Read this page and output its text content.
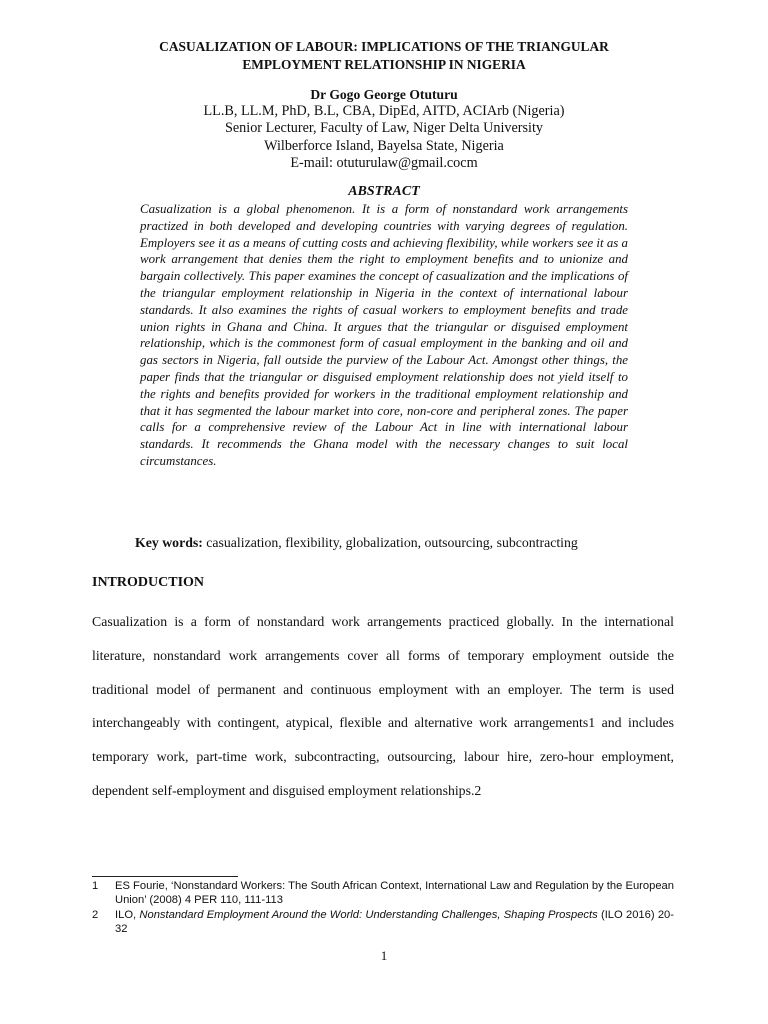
CASUALIZATION OF LABOUR: IMPLICATIONS OF THE TRIANGULAR
EMPLOYMENT RELATIONSHIP IN NIGERIA
Dr Gogo George Otuturu
LL.B, LL.M, PhD, B.L, CBA, DipEd, AITD, ACIArb (Nigeria)
Senior Lecturer, Faculty of Law, Niger Delta University
Wilberforce Island, Bayelsa State, Nigeria
E-mail: otuturulaw@gmail.cocm
ABSTRACT

Casualization is a global phenomenon. It is a form of nonstandard work arrangements practized in both developed and developing countries with varying degrees of regulation. Employers see it as a means of cutting costs and achieving flexibility, while workers see it as a work arrangement that denies them the right to employment benefits and to unionize and bargain collectively. This paper examines the concept of casualization and the implications of the triangular employment relationship in Nigeria in the context of international labour standards. It also examines the rights of casual workers to employment benefits and trade union rights in Ghana and China. It argues that the triangular or disguised employment relationship, which is the commonest form of casual employment in the banking and oil and gas sectors in Nigeria, fall outside the purview of the Labour Act. Amongst other things, the paper finds that the triangular or disguised employment relationship does not yield itself to the rights and benefits provided for workers in the traditional employment relationship and that it has segmented the labour market into core, non-core and peripheral zones. The paper calls for a comprehensive review of the Labour Act in line with international labour standards. It recommends the Ghana model with the necessary changes to suit local circumstances.

Key words: casualization, flexibility, globalization, outsourcing, subcontracting
INTRODUCTION

Casualization is a form of nonstandard work arrangements practiced globally. In the international literature, nonstandard work arrangements cover all forms of temporary employment outside the traditional model of permanent and continuous employment with an employer. The term is used interchangeably with contingent, atypical, flexible and alternative work arrangements1 and includes temporary work, part-time work, subcontracting, outsourcing, labour hire, zero-hour employment, dependent self-employment and disguised employment relationships.2

1 ES Fourie, ‘Nonstandard Workers: The South African Context, International Law and Regulation by the European Union’ (2008) 4 PER 110, 111-113
2 ILO, Nonstandard Employment Around the World: Understanding Challenges, Shaping Prospects (ILO 2016) 20-32
1
